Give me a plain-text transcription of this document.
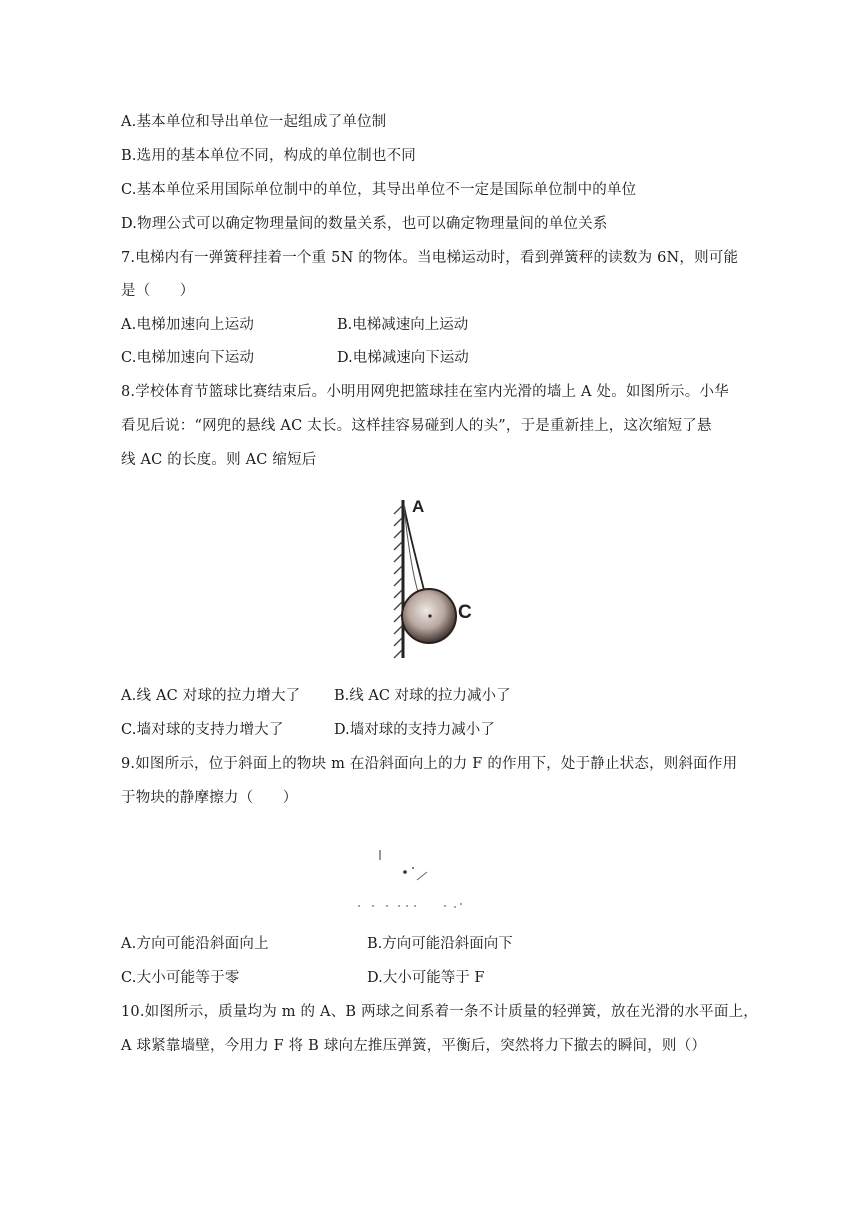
A.基本单位和导出单位一起组成了单位制
B.选用的基本单位不同，构成的单位制也不同
C.基本单位采用国际单位制中的单位，其导出单位不一定是国际单位制中的单位
D.物理公式可以确定物理量间的数量关系，也可以确定物理量间的单位关系
7.电梯内有一弹簧秤挂着一个重 5N 的物体。当电梯运动时，看到弹簧秤的读数为 6N，则可能
是（　　）
A.电梯加速向上运动	B.电梯减速向上运动
C.电梯加速向下运动	D.电梯减速向下运动
8.学校体育节篮球比赛结束后。小明用网兜把篮球挂在室内光滑的墙上 A 处。如图所示。小华
看见后说：“网兜的悬线 AC 太长。这样挂容易碰到人的头”，于是重新挂上，这次缩短了悬
线 AC 的长度。则 AC 缩短后
A
C
A.线 AC 对球的拉力增大了 B.线 AC 对球的拉力减小了
C.墙对球的支持力增大了	D.墙对球的支持力减小了
9.如图所示，位于斜面上的物块 m 在沿斜面向上的力 F 的作用下，处于静止状态，则斜面作用
于物块的静摩擦力（　　）
A.方向可能沿斜面向上	B.方向可能沿斜面向下
C.大小可能等于零	D.大小可能等于 F
10.如图所示，质量均为 m 的 A、B 两球之间系着一条不计质量的轻弹簧，放在光滑的水平面上，
A 球紧靠墙壁，今用力 F 将 B 球向左推压弹簧，平衡后，突然将力下撤去的瞬间，则（）
